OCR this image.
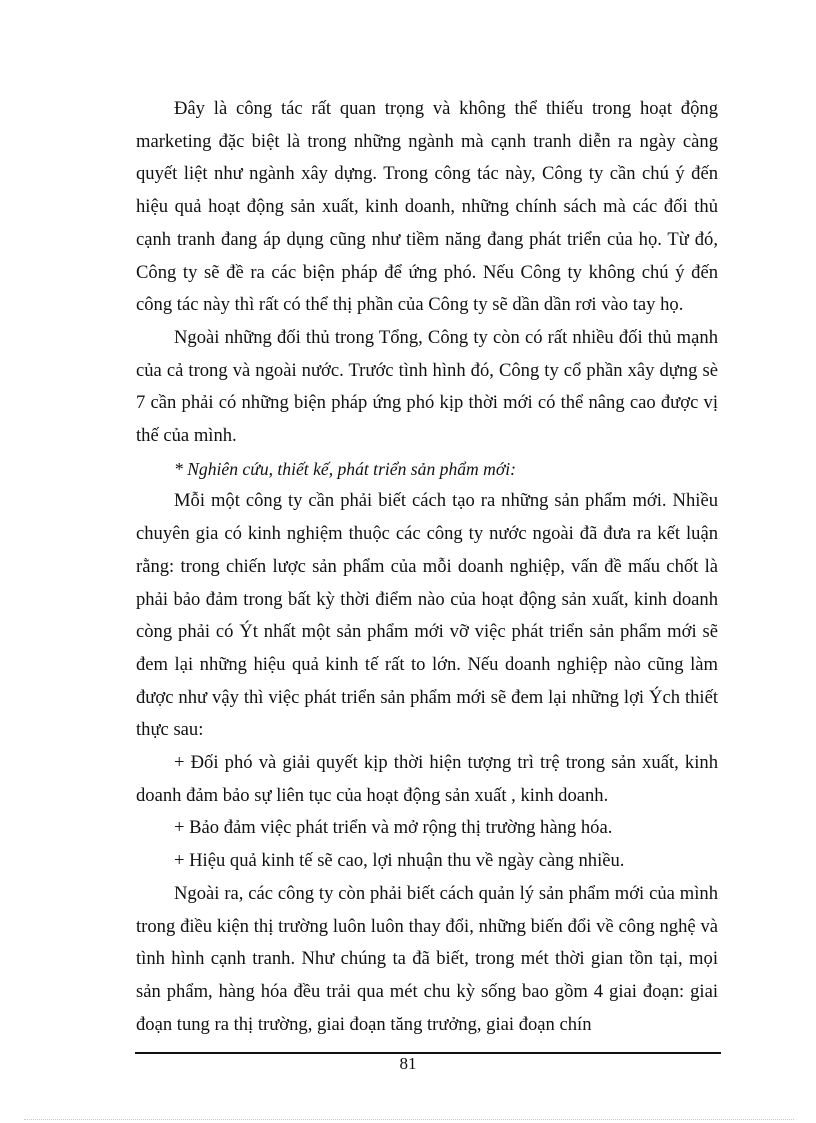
Đây là công tác rất quan trọng và không thể thiếu trong hoạt động marketing đặc biệt là trong những ngành mà cạnh tranh diễn ra ngày càng quyết liệt như ngành xây dựng. Trong công tác này, Công ty cần chú ý đến hiệu quả hoạt động sản xuất, kinh doanh, những chính sách mà các đối thủ cạnh tranh đang áp dụng cũng như tiềm năng đang phát triển của họ. Từ đó, Công ty sẽ đề ra các biện pháp để ứng phó. Nếu Công ty không chú ý đến công tác này thì rất có thể thị phần của Công ty sẽ dần dần rơi vào tay họ.

Ngoài những đối thủ trong Tổng, Công ty còn có rất nhiều đối thủ mạnh của cả trong và ngoài nước. Trước tình hình đó, Công ty cổ phần xây dựng sè 7 cần phải có những biện pháp ứng phó kịp thời mới có thể nâng cao được vị thế của mình.

* Nghiên cứu, thiết kế, phát triển sản phẩm mới:

Mỗi một công ty cần phải biết cách tạo ra những sản phẩm mới. Nhiều chuyên gia có kinh nghiệm thuộc các công ty nước ngoài đã đưa ra kết luận rằng: trong chiến lược sản phẩm của mỗi doanh nghiệp, vấn đề mấu chốt là phải bảo đảm trong bất kỳ thời điểm nào của hoạt động sản xuất, kinh doanh còng phải có Ýt nhất một sản phẩm mới vỡ việc phát triển sản phẩm mới sẽ đem lại những hiệu quả kinh tế rất to lớn. Nếu doanh nghiệp nào cũng làm được như vậy thì việc phát triển sản phẩm mới sẽ đem lại những lợi Ých thiết thực sau:

+ Đối phó và giải quyết kịp thời hiện tượng trì trệ trong sản xuất, kinh doanh đảm bảo sự liên tục của hoạt động sản xuất , kinh doanh.

+ Bảo đảm việc phát triển và mở rộng thị trường hàng hóa.

+ Hiệu quả kinh tế sẽ cao, lợi nhuận thu về ngày càng nhiều.

Ngoài ra, các công ty còn phải biết cách quản lý sản phẩm mới của mình trong điều kiện thị trường luôn luôn thay đổi, những biến đổi về công nghệ và tình hình cạnh tranh. Như chúng ta đã biết, trong mét thời gian tồn tại, mọi sản phẩm, hàng hóa đều trải qua mét chu kỳ sống bao gồm 4 giai đoạn: giai đoạn tung ra thị trường, giai đoạn tăng trưởng, giai đoạn chín

81
